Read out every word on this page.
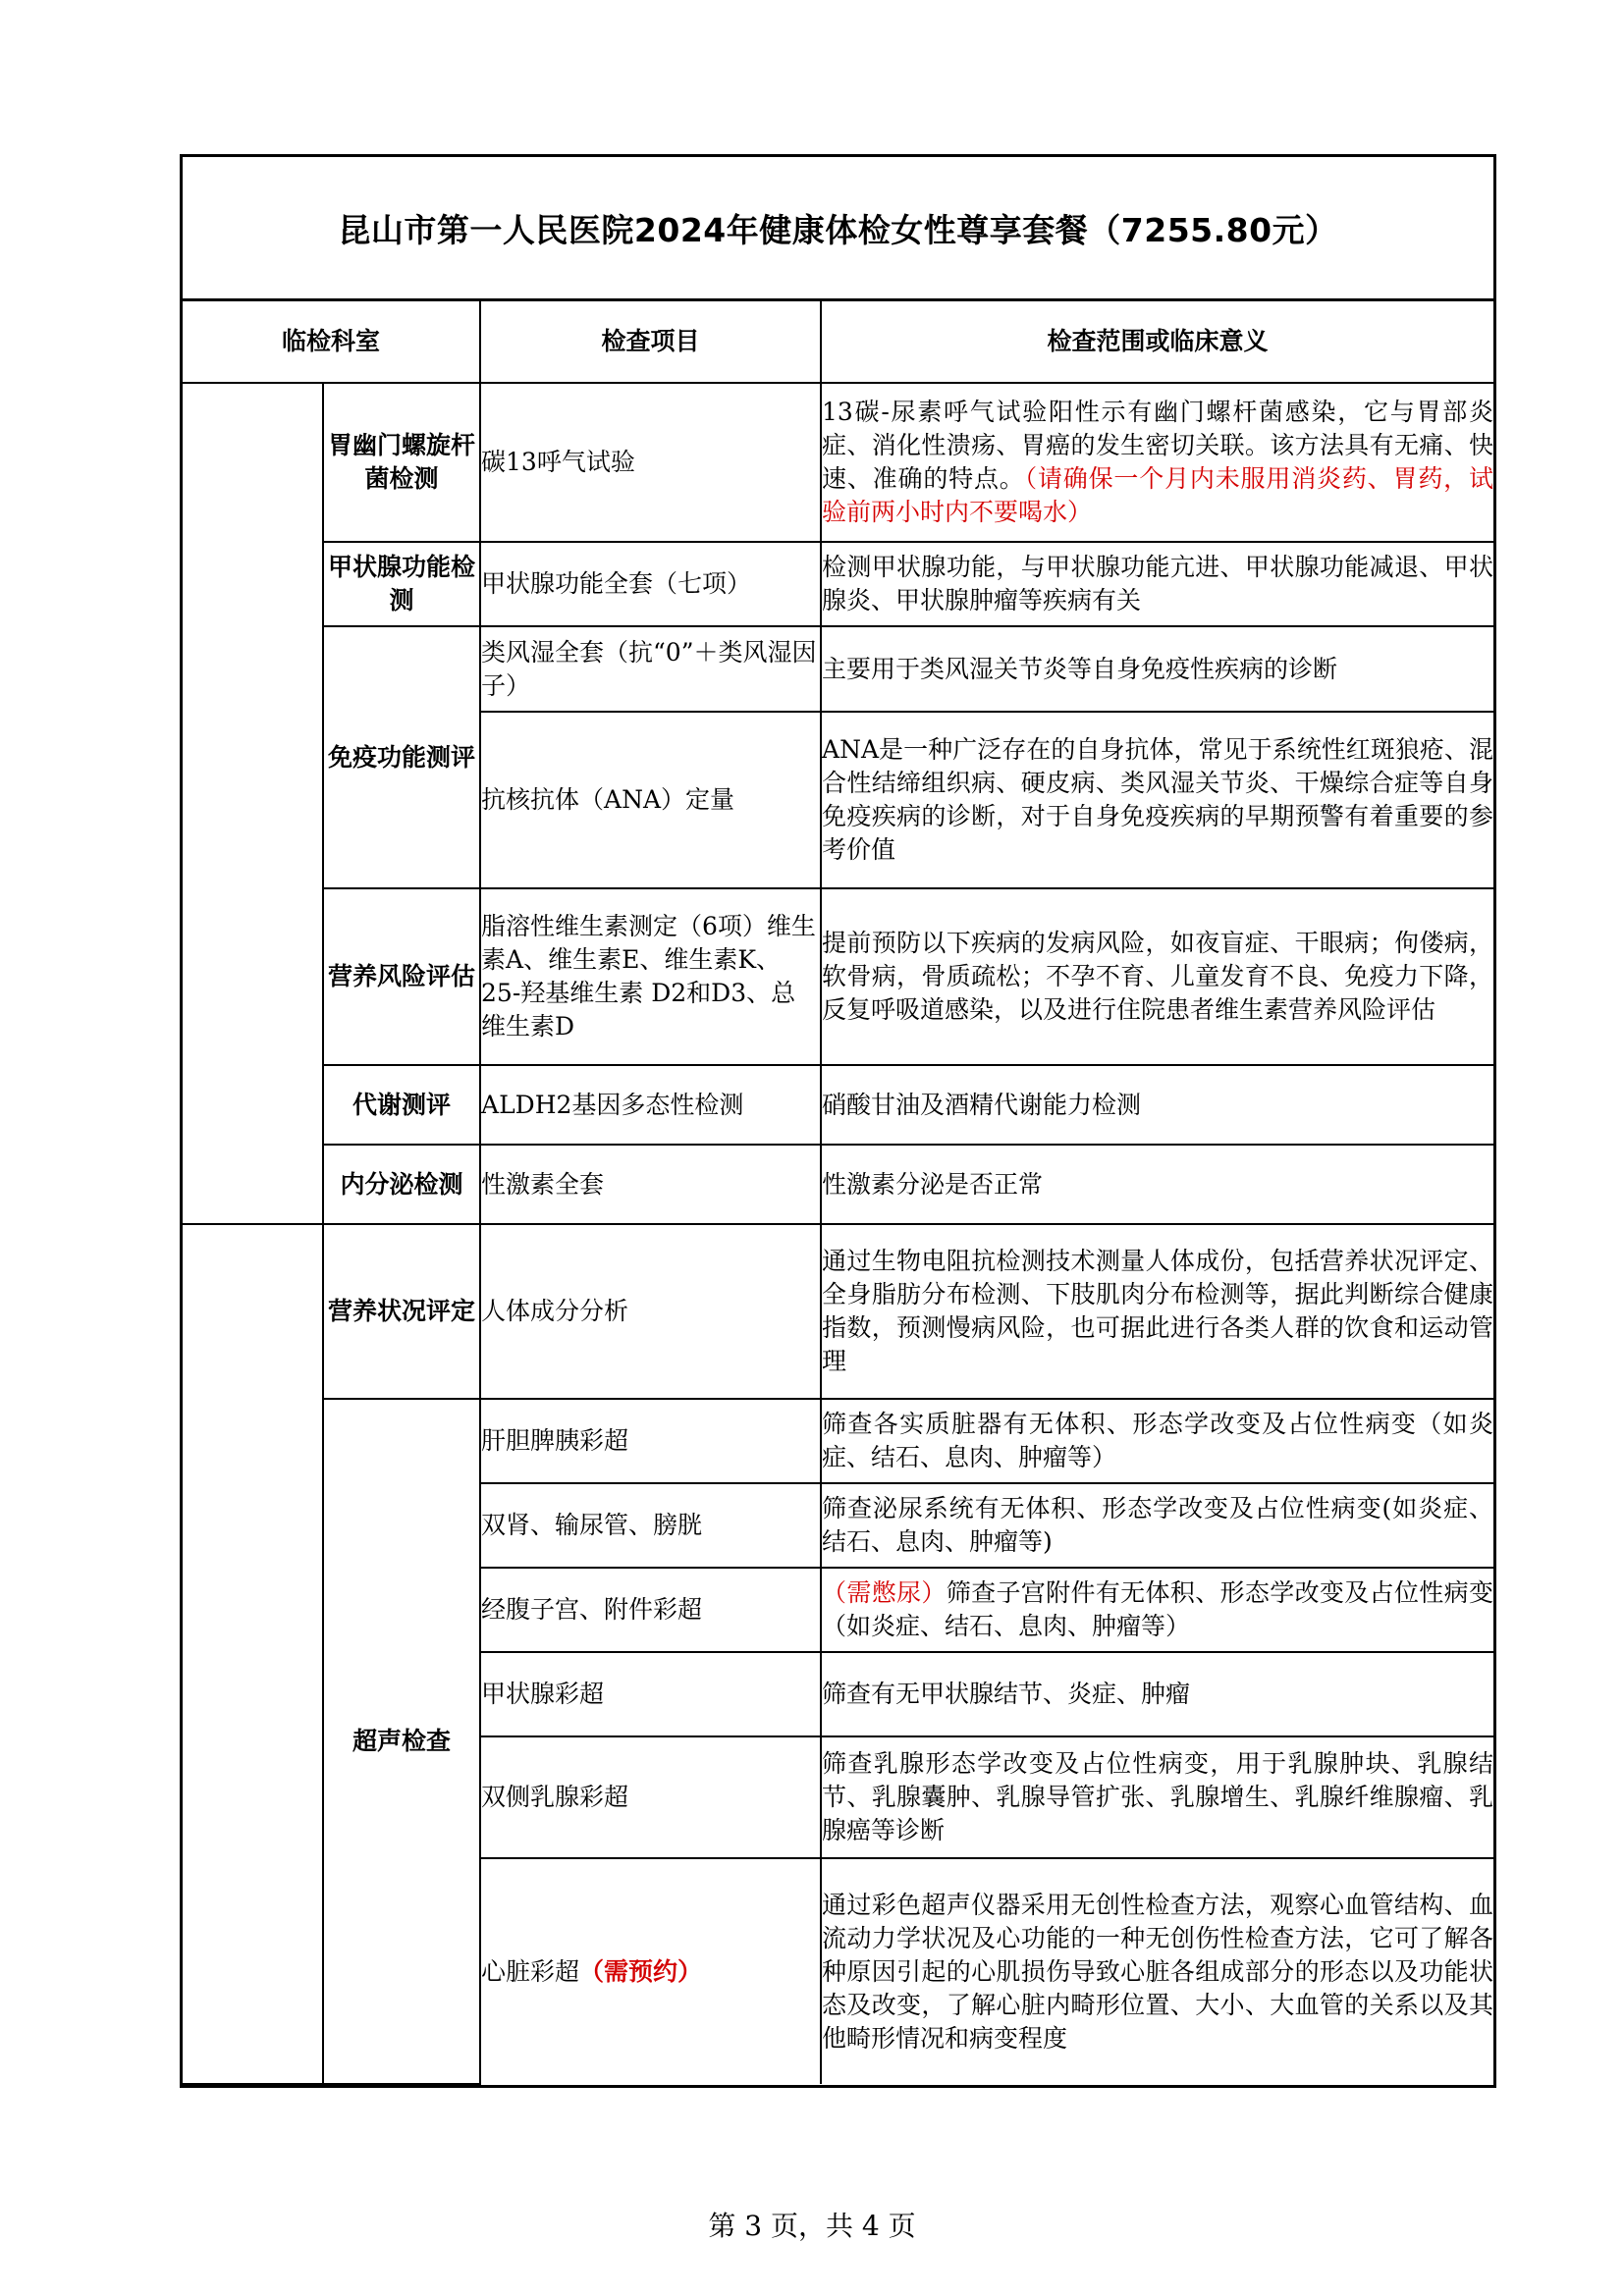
昆山市第一人民医院2024年健康体检女性尊享套餐（7255.80元）
临检科室		检查项目	检查范围或临床意义
	胃幽门螺旋杆菌检测	碳13呼气试验	13碳-尿素呼气试验阳性示有幽门螺杆菌感染，它与胃部炎症、消化性溃疡、胃癌的发生密切关联。该方法具有无痛、快速、准确的特点。（请确保一个月内未服用消炎药、胃药，试验前两小时内不要喝水）
	甲状腺功能检测	甲状腺功能全套（七项）	检测甲状腺功能，与甲状腺功能亢进、甲状腺功能减退、甲状腺炎、甲状腺肿瘤等疾病有关
	免疫功能测评	类风湿全套（抗“0”＋类风湿因子）	主要用于类风湿关节炎等自身免疫性疾病的诊断
		抗核抗体（ANA）定量	ANA是一种广泛存在的自身抗体，常见于系统性红斑狼疮、混合性结缔组织病、硬皮病、类风湿关节炎、干燥综合症等自身免疫疾病的诊断，对于自身免疫疾病的早期预警有着重要的参考价值
	营养风险评估	脂溶性维生素测定（6项）维生素A、维生素E、维生素K、25-羟基维生素 D2和D3、总维生素D	提前预防以下疾病的发病风险，如夜盲症、干眼病；佝偻病，软骨病，骨质疏松；不孕不育、儿童发育不良、免疫力下降，反复呼吸道感染，以及进行住院患者维生素营养风险评估
	代谢测评	ALDH2基因多态性检测	硝酸甘油及酒精代谢能力检测
	内分泌检测	性激素全套	性激素分泌是否正常
	营养状况评定	人体成分分析	通过生物电阻抗检测技术测量人体成份，包括营养状况评定、全身脂肪分布检测、下肢肌肉分布检测等，据此判断综合健康指数，预测慢病风险，也可据此进行各类人群的饮食和运动管理
	超声检查	肝胆脾胰彩超	筛查各实质脏器有无体积、形态学改变及占位性病变（如炎症、结石、息肉、肿瘤等）
		双肾、输尿管、膀胱	筛查泌尿系统有无体积、形态学改变及占位性病变(如炎症、结石、息肉、肿瘤等)
		经腹子宫、附件彩超	（需憋尿）筛查子宫附件有无体积、形态学改变及占位性病变（如炎症、结石、息肉、肿瘤等）
		甲状腺彩超	筛查有无甲状腺结节、炎症、肿瘤
		双侧乳腺彩超	筛查乳腺形态学改变及占位性病变，用于乳腺肿块、乳腺结节、乳腺囊肿、乳腺导管扩张、乳腺增生、乳腺纤维腺瘤、乳腺癌等诊断
		心脏彩超（需预约）	通过彩色超声仪器采用无创性检查方法，观察心血管结构、血流动力学状况及心功能的一种无创伤性检查方法，它可了解各种原因引起的心肌损伤导致心脏各组成部分的形态以及功能状态及改变，了解心脏内畸形位置、大小、大血管的关系以及其他畸形情况和病变程度
第 3 页，共 4 页
